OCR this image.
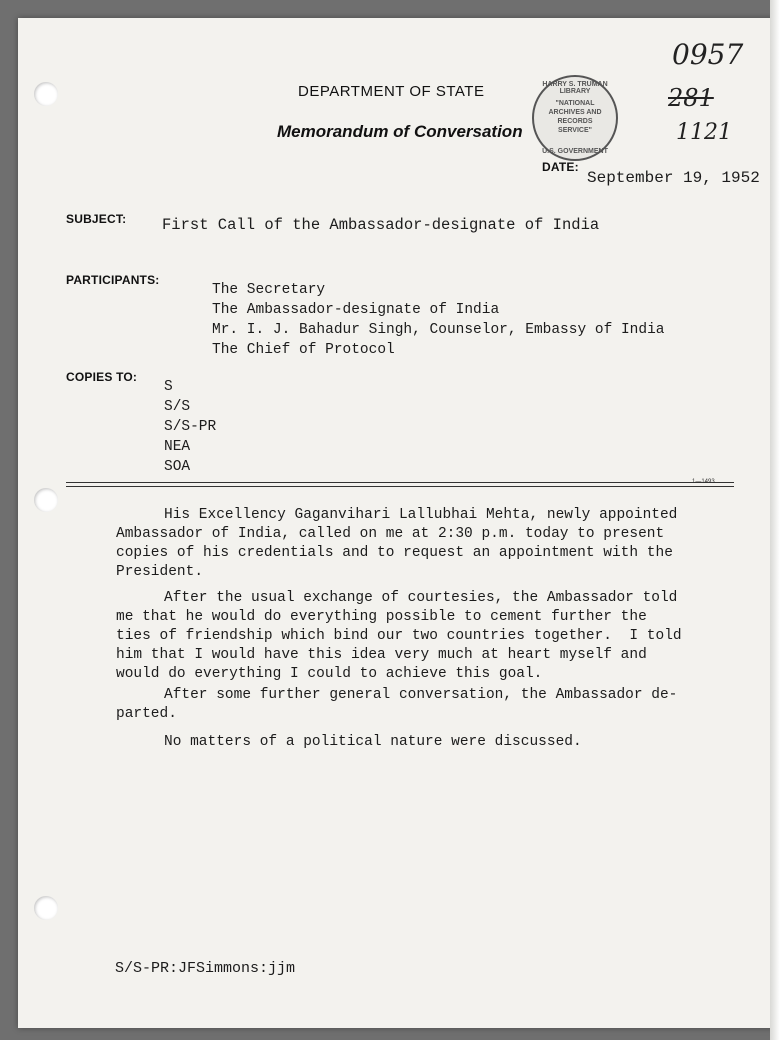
DEPARTMENT OF STATE
Memorandum of Conversation
HARRY S. TRUMAN LIBRARY
"NATIONAL ARCHIVES AND RECORDS SERVICE"
U.S. GOVERNMENT
0957
281
1121
DATE:
September 19, 1952
SUBJECT: First Call of the Ambassador-designate of India
PARTICIPANTS:
The Secretary
The Ambassador-designate of India
Mr. I. J. Bahadur Singh, Counselor, Embassy of India
The Chief of Protocol
COPIES TO:
S
S/S
S/S-PR
NEA
SOA
1—1493
His Excellency Gaganvihari Lallubhai Mehta, newly appointed
Ambassador of India, called on me at 2:30 p.m. today to present
copies of his credentials and to request an appointment with the
President.
After the usual exchange of courtesies, the Ambassador told
me that he would do everything possible to cement further the
ties of friendship which bind our two countries together.  I told
him that I would have this idea very much at heart myself and
would do everything I could to achieve this goal.
After some further general conversation, the Ambassador de-
parted.
No matters of a political nature were discussed.
S/S-PR:JFSimmons:jjm
